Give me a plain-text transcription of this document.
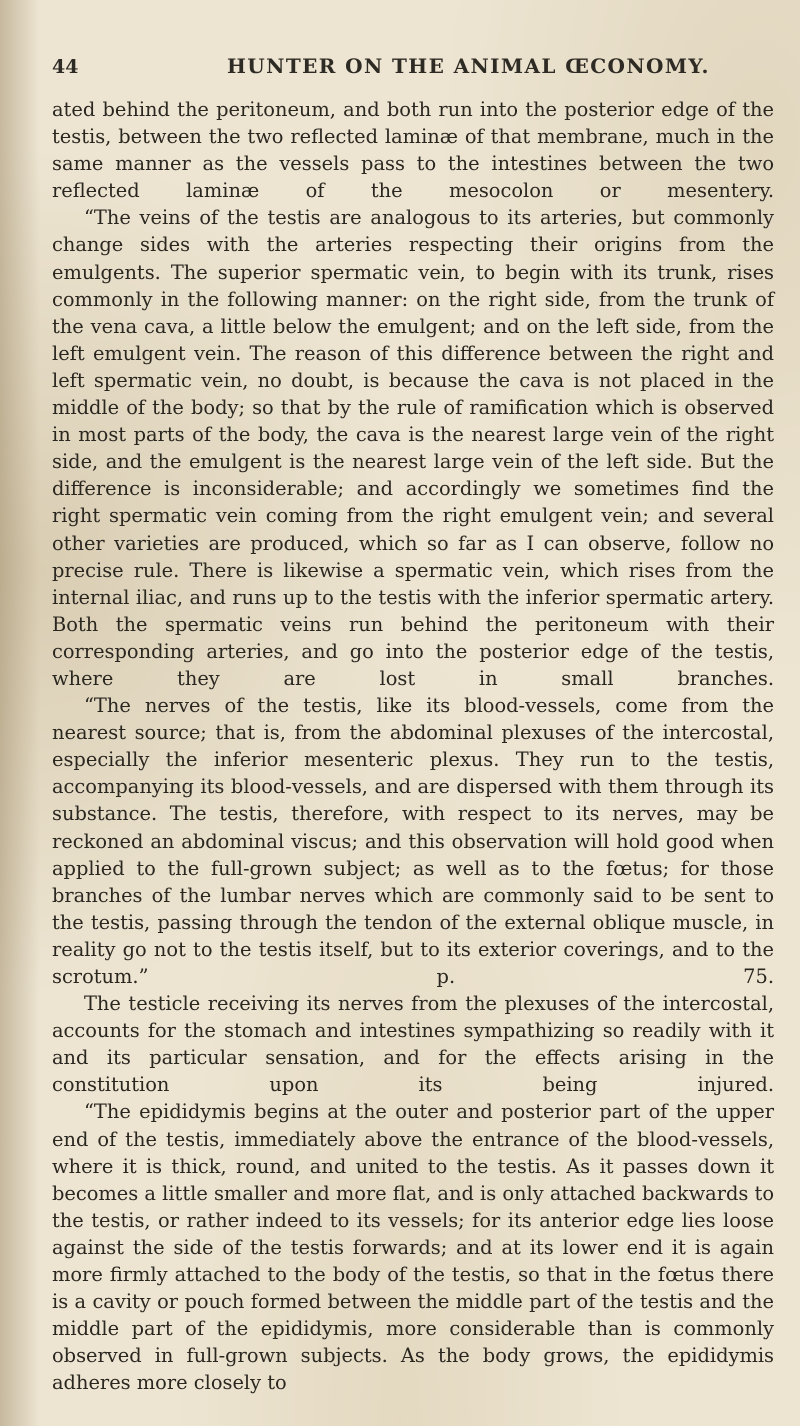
44	HUNTER ON THE ANIMAL ŒCONOMY.

ated behind the peritoneum, and both run into the posterior edge of the testis, between the two reflected laminæ of that membrane, much in the same manner as the vessels pass to the intestines between the two reflected laminæ of the mesocolon or mesentery.

“The veins of the testis are analogous to its arteries, but commonly change sides with the arteries respecting their origins from the emulgents. The superior spermatic vein, to begin with its trunk, rises commonly in the following manner: on the right side, from the trunk of the vena cava, a little below the emulgent; and on the left side, from the left emulgent vein. The reason of this difference between the right and left spermatic vein, no doubt, is because the cava is not placed in the middle of the body; so that by the rule of ramification which is observed in most parts of the body, the cava is the nearest large vein of the right side, and the emulgent is the nearest large vein of the left side. But the difference is inconsiderable; and accordingly we sometimes find the right spermatic vein coming from the right emulgent vein; and several other varieties are produced, which so far as I can observe, follow no precise rule. There is likewise a spermatic vein, which rises from the internal iliac, and runs up to the testis with the inferior spermatic artery. Both the spermatic veins run behind the peritoneum with their corresponding arteries, and go into the posterior edge of the testis, where they are lost in small branches.

“The nerves of the testis, like its blood-vessels, come from the nearest source; that is, from the abdominal plexuses of the intercostal, especially the inferior mesenteric plexus. They run to the testis, accompanying its blood-vessels, and are dispersed with them through its substance. The testis, therefore, with respect to its nerves, may be reckoned an abdominal viscus; and this observation will hold good when applied to the full-grown subject; as well as to the fœtus; for those branches of the lumbar nerves which are commonly said to be sent to the testis, passing through the tendon of the external oblique muscle, in reality go not to the testis itself, but to its exterior coverings, and to the scrotum.” p. 75.

The testicle receiving its nerves from the plexuses of the intercostal, accounts for the stomach and intestines sympathizing so readily with it and its particular sensation, and for the effects arising in the constitution upon its being injured.

“The epididymis begins at the outer and posterior part of the upper end of the testis, immediately above the entrance of the blood-vessels, where it is thick, round, and united to the testis. As it passes down it becomes a little smaller and more flat, and is only attached backwards to the testis, or rather indeed to its vessels; for its anterior edge lies loose against the side of the testis forwards; and at its lower end it is again more firmly attached to the body of the testis, so that in the fœtus there is a cavity or pouch formed between the middle part of the testis and the middle part of the epididymis, more considerable than is commonly observed in full-grown subjects. As the body grows, the epididymis adheres more closely to
